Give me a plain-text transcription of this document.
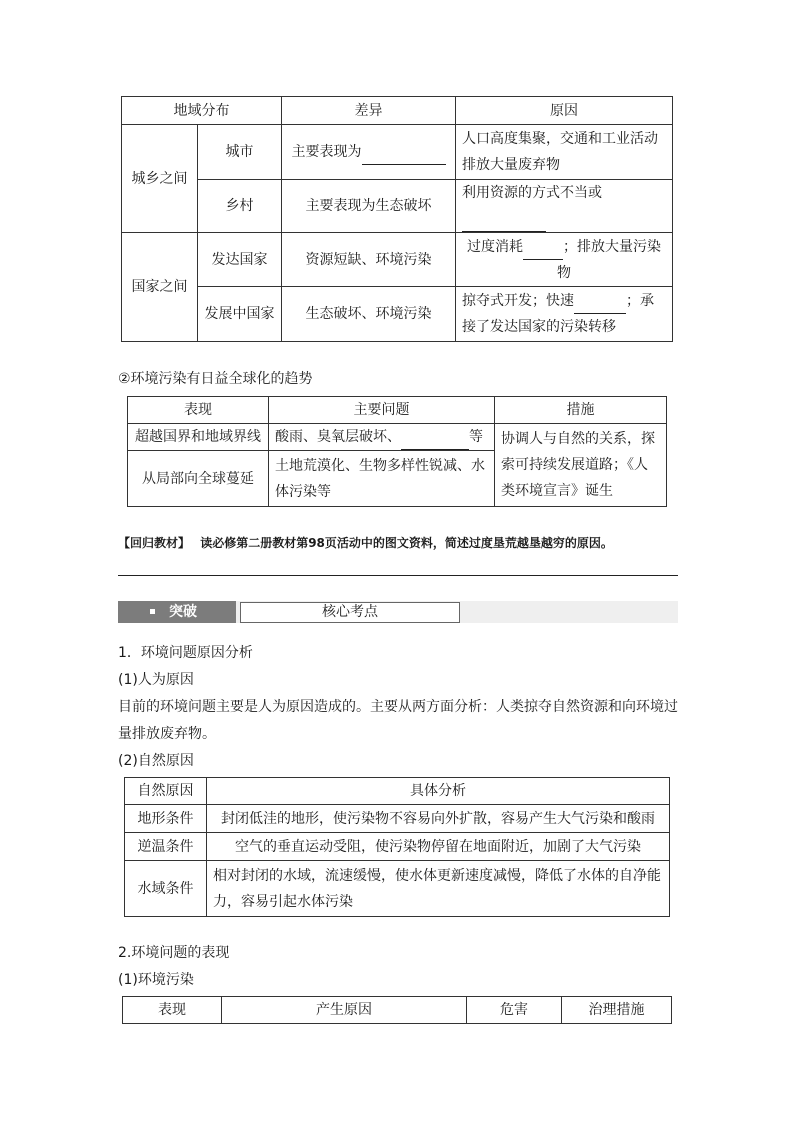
地域分布		差异	原因
城乡之间	城市	主要表现为	人口高度集聚，交通和工业活动排放大量废弃物
	乡村	主要表现为生态破坏	利用资源的方式不当或

国家之间	发达国家	资源短缺、环境污染	过度消耗 ；排放大量污染物
	发展中国家	生态破坏、环境污染	掠夺式开发；快速 ；承接了发达国家的污染转移

②环境污染有日益全球化的趋势

表现	主要问题	措施
超越国界和地域界线	酸雨、臭氧层破坏、 等	协调人与自然的关系，探索可持续发展道路；《人类环境宣言》诞生
从局部向全球蔓延	土地荒漠化、生物多样性锐减、水体污染等	

【回归教材】 读必修第二册教材第98页活动中的图文资料，简述过度垦荒越垦越穷的原因。

突破	核心考点

1．环境问题原因分析

(1)人为原因

目前的环境问题主要是人为原因造成的。主要从两方面分析：人类掠夺自然资源和向环境过

量排放废弃物。

(2)自然原因

自然原因	具体分析
地形条件	封闭低洼的地形，使污染物不容易向外扩散，容易产生大气污染和酸雨
逆温条件	空气的垂直运动受阻，使污染物停留在地面附近，加剧了大气污染
水域条件	相对封闭的水域，流速缓慢，使水体更新速度减慢，降低了水体的自净能力，容易引起水体污染

2.环境问题的表现

(1)环境污染

表现	产生原因	危害	治理措施
